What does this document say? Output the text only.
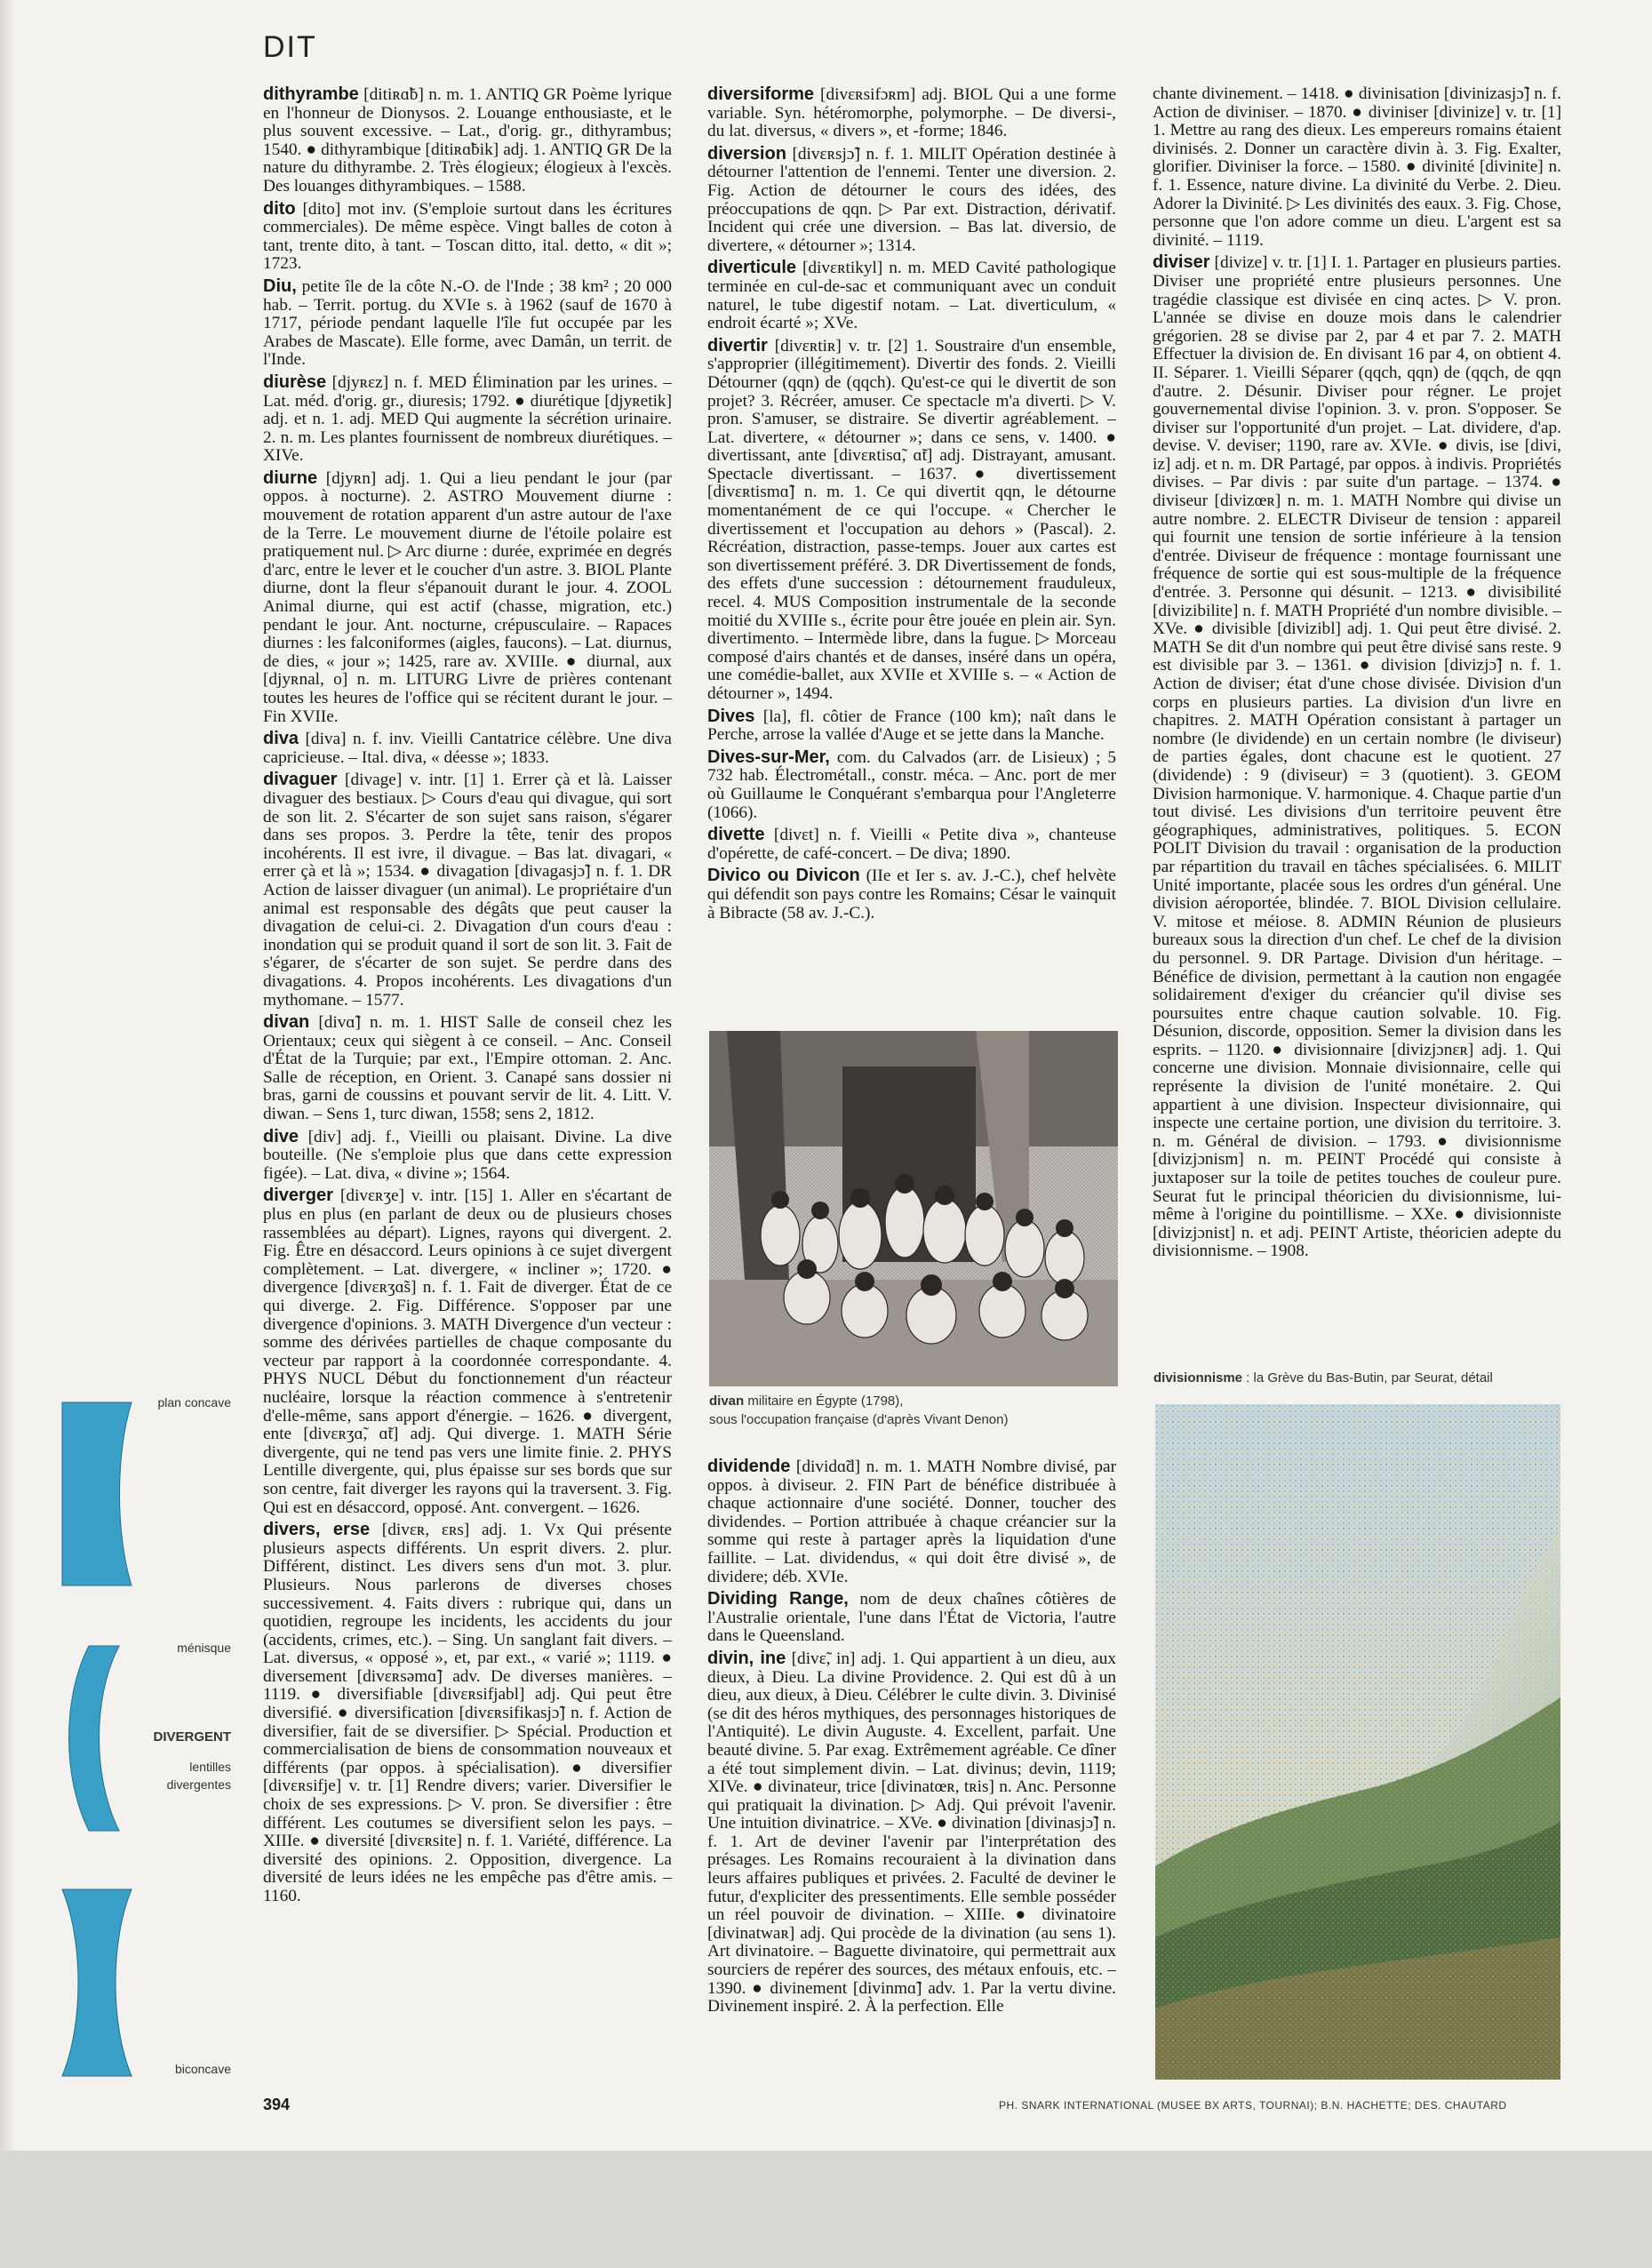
DIT

dithyrambe [ditiʀɑ̃b] n. m. 1. ANTIQ GR Poème lyrique en l'honneur de Dionysos. 2. Louange enthousiaste, et le plus souvent excessive. – Lat., d'orig. gr., dithyrambus; 1540. ● dithyrambique [ditiʀɑ̃bik] adj. 1. ANTIQ GR De la nature du dithyrambe. 2. Très élogieux; élogieux à l'excès. Des louanges dithyrambiques. – 1588.

dito [dito] mot inv. (S'emploie surtout dans les écritures commerciales). De même espèce. Vingt balles de coton à tant, trente dito, à tant. – Toscan ditto, ital. detto, « dit »; 1723.

Diu, petite île de la côte N.-O. de l'Inde ; 38 km² ; 20 000 hab. – Territ. portug. du XVIe s. à 1962 (sauf de 1670 à 1717, période pendant laquelle l'île fut occupée par les Arabes de Mascate). Elle forme, avec Damân, un territ. de l'Inde.

diurèse [djyʀɛz] n. f. MED Élimination par les urines. – Lat. méd. d'orig. gr., diuresis; 1792. ● diurétique [djyʀetik] adj. et n. 1. adj. MED Qui augmente la sécrétion urinaire. 2. n. m. Les plantes fournissent de nombreux diurétiques. – XIVe.

diurne [djyʀn] adj. 1. Qui a lieu pendant le jour (par oppos. à nocturne). 2. ASTRO Mouvement diurne : mouvement de rotation apparent d'un astre autour de l'axe de la Terre. Le mouvement diurne de l'étoile polaire est pratiquement nul. ▷ Arc diurne : durée, exprimée en degrés d'arc, entre le lever et le coucher d'un astre. 3. BIOL Plante diurne, dont la fleur s'épanouit durant le jour. 4. ZOOL Animal diurne, qui est actif (chasse, migration, etc.) pendant le jour. Ant. nocturne, crépusculaire. – Rapaces diurnes : les falconiformes (aigles, faucons). – Lat. diurnus, de dies, « jour »; 1425, rare av. XVIIIe. ● diurnal, aux [djyʀnal, o] n. m. LITURG Livre de prières contenant toutes les heures de l'office qui se récitent durant le jour. – Fin XVIIe.

diva [diva] n. f. inv. Vieilli Cantatrice célèbre. Une diva capricieuse. – Ital. diva, « déesse »; 1833.

divaguer [divage] v. intr. [1] 1. Errer çà et là. Laisser divaguer des bestiaux. ▷ Cours d'eau qui divague, qui sort de son lit. 2. S'écarter de son sujet sans raison, s'égarer dans ses propos. 3. Perdre la tête, tenir des propos incohérents. Il est ivre, il divague. – Bas lat. divagari, « errer çà et là »; 1534. ● divagation [divagasjɔ̃] n. f. 1. DR Action de laisser divaguer (un animal). Le propriétaire d'un animal est responsable des dégâts que peut causer la divagation de celui-ci. 2. Divagation d'un cours d'eau : inondation qui se produit quand il sort de son lit. 3. Fait de s'égarer, de s'écarter de son sujet. Se perdre dans des divagations. 4. Propos incohérents. Les divagations d'un mythomane. – 1577.

divan [divɑ̃] n. m. 1. HIST Salle de conseil chez les Orientaux; ceux qui siègent à ce conseil. – Anc. Conseil d'État de la Turquie; par ext., l'Empire ottoman. 2. Anc. Salle de réception, en Orient. 3. Canapé sans dossier ni bras, garni de coussins et pouvant servir de lit. 4. Litt. V. diwan. – Sens 1, turc diwan, 1558; sens 2, 1812.

dive [div] adj. f., Vieilli ou plaisant. Divine. La dive bouteille. (Ne s'emploie plus que dans cette expression figée). – Lat. diva, « divine »; 1564.

diverger [divɛʀʒe] v. intr. [15] 1. Aller en s'écartant de plus en plus (en parlant de deux ou de plusieurs choses rassemblées au départ). Lignes, rayons qui divergent. 2. Fig. Être en désaccord. Leurs opinions à ce sujet divergent complètement. – Lat. divergere, « incliner »; 1720. ● divergence [divɛʀʒɑ̃s] n. f. 1. Fait de diverger. État de ce qui diverge. 2. Fig. Différence. S'opposer par une divergence d'opinions. 3. MATH Divergence d'un vecteur : somme des dérivées partielles de chaque composante du vecteur par rapport à la coordonnée correspondante. 4. PHYS NUCL Début du fonctionnement d'un réacteur nucléaire, lorsque la réaction commence à s'entretenir d'elle-même, sans apport d'énergie. – 1626. ● divergent, ente [divɛʀʒɑ̃, ɑ̃t] adj. Qui diverge. 1. MATH Série divergente, qui ne tend pas vers une limite finie. 2. PHYS Lentille divergente, qui, plus épaisse sur ses bords que sur son centre, fait diverger les rayons qui la traversent. 3. Fig. Qui est en désaccord, opposé. Ant. convergent. – 1626.

divers, erse [divɛʀ, ɛʀs] adj. 1. Vx Qui présente plusieurs aspects différents. Un esprit divers. 2. plur. Différent, distinct. Les divers sens d'un mot. 3. plur. Plusieurs. Nous parlerons de diverses choses successivement. 4. Faits divers : rubrique qui, dans un quotidien, regroupe les incidents, les accidents du jour (accidents, crimes, etc.). – Sing. Un sanglant fait divers. – Lat. diversus, « opposé », et, par ext., « varié »; 1119. ● diversement [divɛʀsəmɑ̃] adv. De diverses manières. – 1119. ● diversifiable [divɛʀsifjabl] adj. Qui peut être diversifié. ● diversification [divɛʀsifikasjɔ̃] n. f. Action de diversifier, fait de se diversifier. ▷ Spécial. Production et commercialisation de biens de consommation nouveaux et différents (par oppos. à spécialisation). ● diversifier [divɛʀsifje] v. tr. [1] Rendre divers; varier. Diversifier le choix de ses expressions. ▷ V. pron. Se diversifier : être différent. Les coutumes se diversifient selon les pays. – XIIIe. ● diversité [divɛʀsite] n. f. 1. Variété, différence. La diversité des opinions. 2. Opposition, divergence. La diversité de leurs idées ne les empêche pas d'être amis. – 1160.

diversiforme [divɛʀsifɔʀm] adj. BIOL Qui a une forme variable. Syn. hétéromorphe, polymorphe. – De diversi-, du lat. diversus, « divers », et -forme; 1846.

diversion [divɛʀsjɔ̃] n. f. 1. MILIT Opération destinée à détourner l'attention de l'ennemi. Tenter une diversion. 2. Fig. Action de détourner le cours des idées, des préoccupations de qqn. ▷ Par ext. Distraction, dérivatif. Incident qui crée une diversion. – Bas lat. diversio, de divertere, « détourner »; 1314.

diverticule [divɛʀtikyl] n. m. MED Cavité pathologique terminée en cul-de-sac et communiquant avec un conduit naturel, le tube digestif notam. – Lat. diverticulum, « endroit écarté »; XVe.

divertir [divɛʀtiʀ] v. tr. [2] 1. Soustraire d'un ensemble, s'approprier (illégitimement). Divertir des fonds. 2. Vieilli Détourner (qqn) de (qqch). Qu'est-ce qui le divertit de son projet? 3. Récréer, amuser. Ce spectacle m'a diverti. ▷ V. pron. S'amuser, se distraire. Se divertir agréablement. – Lat. divertere, « détourner »; dans ce sens, v. 1400. ● divertissant, ante [divɛʀtisɑ̃, ɑ̃t] adj. Distrayant, amusant. Spectacle divertissant. – 1637. ● divertissement [divɛʀtismɑ̃] n. m. 1. Ce qui divertit qqn, le détourne momentanément de ce qui l'occupe. « Chercher le divertissement et l'occupation au dehors » (Pascal). 2. Récréation, distraction, passe-temps. Jouer aux cartes est son divertissement préféré. 3. DR Divertissement de fonds, des effets d'une succession : détournement frauduleux, recel. 4. MUS Composition instrumentale de la seconde moitié du XVIIIe s., écrite pour être jouée en plein air. Syn. divertimento. – Intermède libre, dans la fugue. ▷ Morceau composé d'airs chantés et de danses, inséré dans un opéra, une comédie-ballet, aux XVIIe et XVIIIe s. – « Action de détourner », 1494.

Dives [la], fl. côtier de France (100 km); naît dans le Perche, arrose la vallée d'Auge et se jette dans la Manche.

Dives-sur-Mer, com. du Calvados (arr. de Lisieux) ; 5 732 hab. Électrométall., constr. méca. – Anc. port de mer où Guillaume le Conquérant s'embarqua pour l'Angleterre (1066).

divette [divɛt] n. f. Vieilli « Petite diva », chanteuse d'opérette, de café-concert. – De diva; 1890.

Divico ou Divicon (IIe et Ier s. av. J.-C.), chef helvète qui défendit son pays contre les Romains; César le vainquit à Bibracte (58 av. J.-C.).

dividende [dividɑ̃d] n. m. 1. MATH Nombre divisé, par oppos. à diviseur. 2. FIN Part de bénéfice distribuée à chaque actionnaire d'une société. Donner, toucher des dividendes. – Portion attribuée à chaque créancier sur la somme qui reste à partager après la liquidation d'une faillite. – Lat. dividendus, « qui doit être divisé », de dividere; déb. XVIe.

Dividing Range, nom de deux chaînes côtières de l'Australie orientale, l'une dans l'État de Victoria, l'autre dans le Queensland.

divin, ine [divɛ̃, in] adj. 1. Qui appartient à un dieu, aux dieux, à Dieu. La divine Providence. 2. Qui est dû à un dieu, aux dieux, à Dieu. Célébrer le culte divin. 3. Divinisé (se dit des héros mythiques, des personnages historiques de l'Antiquité). Le divin Auguste. 4. Excellent, parfait. Une beauté divine. 5. Par exag. Extrêmement agréable. Ce dîner a été tout simplement divin. – Lat. divinus; devin, 1119; XIVe. ● divinateur, trice [divinatœʀ, tʀis] n. Anc. Personne qui pratiquait la divination. ▷ Adj. Qui prévoit l'avenir. Une intuition divinatrice. – XVe. ● divination [divinasjɔ̃] n. f. 1. Art de deviner l'avenir par l'interprétation des présages. Les Romains recouraient à la divination dans leurs affaires publiques et privées. 2. Faculté de deviner le futur, d'expliciter des pressentiments. Elle semble posséder un réel pouvoir de divination. – XIIIe. ● divinatoire [divinatwaʀ] adj. Qui procède de la divination (au sens 1). Art divinatoire. – Baguette divinatoire, qui permettrait aux sourciers de repérer des sources, des métaux enfouis, etc. – 1390. ● divinement [divinmɑ̃] adv. 1. Par la vertu divine. Divinement inspiré. 2. À la perfection. Elle

chante divinement. – 1418. ● divinisation [divinizasjɔ̃] n. f. Action de diviniser. – 1870. ● diviniser [divinize] v. tr. [1] 1. Mettre au rang des dieux. Les empereurs romains étaient divinisés. 2. Donner un caractère divin à. 3. Fig. Exalter, glorifier. Diviniser la force. – 1580. ● divinité [divinite] n. f. 1. Essence, nature divine. La divinité du Verbe. 2. Dieu. Adorer la Divinité. ▷ Les divinités des eaux. 3. Fig. Chose, personne que l'on adore comme un dieu. L'argent est sa divinité. – 1119.

diviser [divize] v. tr. [1] I. 1. Partager en plusieurs parties. Diviser une propriété entre plusieurs personnes. Une tragédie classique est divisée en cinq actes. ▷ V. pron. L'année se divise en douze mois dans le calendrier grégorien. 28 se divise par 2, par 4 et par 7. 2. MATH Effectuer la division de. En divisant 16 par 4, on obtient 4. II. Séparer. 1. Vieilli Séparer (qqch, qqn) de (qqch, de qqn d'autre. 2. Désunir. Diviser pour régner. Le projet gouvernemental divise l'opinion. 3. v. pron. S'opposer. Se diviser sur l'opportunité d'un projet. – Lat. dividere, d'ap. devise. V. deviser; 1190, rare av. XVIe. ● divis, ise [divi, iz] adj. et n. m. DR Partagé, par oppos. à indivis. Propriétés divises. – Par divis : par suite d'un partage. – 1374. ● diviseur [divizœʀ] n. m. 1. MATH Nombre qui divise un autre nombre. 2. ELECTR Diviseur de tension : appareil qui fournit une tension de sortie inférieure à la tension d'entrée. Diviseur de fréquence : montage fournissant une fréquence de sortie qui est sous-multiple de la fréquence d'entrée. 3. Personne qui désunit. – 1213. ● divisibilité [divizibilite] n. f. MATH Propriété d'un nombre divisible. – XVe. ● divisible [divizibl] adj. 1. Qui peut être divisé. 2. MATH Se dit d'un nombre qui peut être divisé sans reste. 9 est divisible par 3. – 1361. ● division [divizjɔ̃] n. f. 1. Action de diviser; état d'une chose divisée. Division d'un corps en plusieurs parties. La division d'un livre en chapitres. 2. MATH Opération consistant à partager un nombre (le dividende) en un certain nombre (le diviseur) de parties égales, dont chacune est le quotient. 27 (dividende) : 9 (diviseur) = 3 (quotient). 3. GEOM Division harmonique. V. harmonique. 4. Chaque partie d'un tout divisé. Les divisions d'un territoire peuvent être géographiques, administratives, politiques. 5. ECON POLIT Division du travail : organisation de la production par répartition du travail en tâches spécialisées. 6. MILIT Unité importante, placée sous les ordres d'un général. Une division aéroportée, blindée. 7. BIOL Division cellulaire. V. mitose et méiose. 8. ADMIN Réunion de plusieurs bureaux sous la direction d'un chef. Le chef de la division du personnel. 9. DR Partage. Division d'un héritage. – Bénéfice de division, permettant à la caution non engagée solidairement d'exiger du créancier qu'il divise ses poursuites entre chaque caution solvable. 10. Fig. Désunion, discorde, opposition. Semer la division dans les esprits. – 1120. ● divisionnaire [divizjɔnɛʀ] adj. 1. Qui concerne une division. Monnaie divisionnaire, celle qui représente la division de l'unité monétaire. 2. Qui appartient à une division. Inspecteur divisionnaire, qui inspecte une certaine portion, une division du territoire. 3. n. m. Général de division. – 1793. ● divisionnisme [divizjɔnism] n. m. PEINT Procédé qui consiste à juxtaposer sur la toile de petites touches de couleur pure. Seurat fut le principal théoricien du divisionnisme, lui-même à l'origine du pointillisme. – XXe. ● divisionniste [divizjɔnist] n. et adj. PEINT Artiste, théoricien adepte du divisionnisme. – 1908.

divan militaire en Égypte (1798),
sous l'occupation française (d'après Vivant Denon)
divisionnisme : la Grève du Bas-Butin, par Seurat, détail
plan concave
ménisque
DIVERGENT
lentilles
divergentes
biconcave
394	PH. SNARK INTERNATIONAL (MUSEE BX ARTS, TOURNAI); B.N. HACHETTE; DES. CHAUTARD
